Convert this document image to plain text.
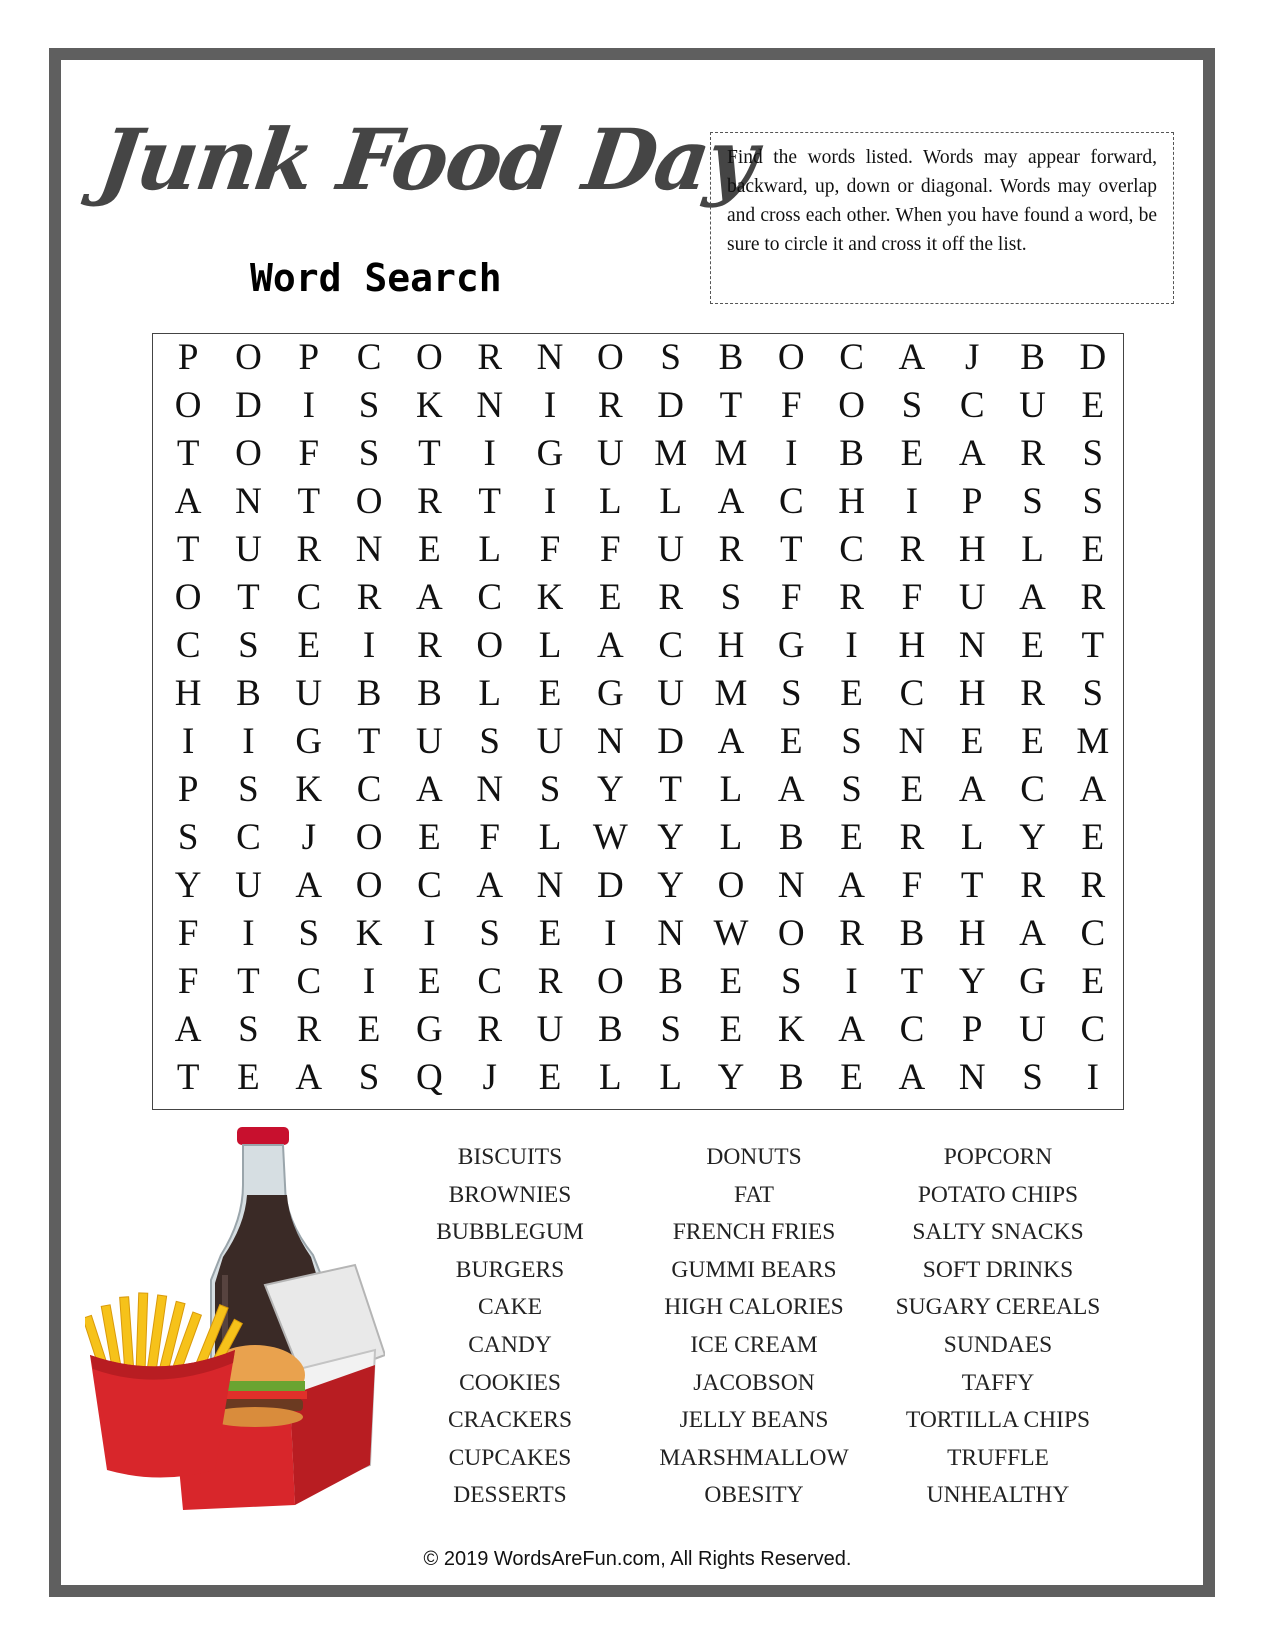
Junk Food Day
Word Search
Find the words listed. Words may appear forward, backward, up, down or diagonal. Words may overlap and cross each other. When you have found a word, be sure to circle it and cross it off the list.
P O P	C O R N O S	B O C A	J	B D
O D	I	S K N	I	R D T	F O S	C U E
T O F	S	T	I	G U M M	I	B E A R	S
A N T O R T	I	L	L A C H	I	P	S	S
T U R N E	L	F	F U R T C R H L	E
O T C R A C K E R	S	F	R	F U A R
C	S	E	I	R O L A C H G	I	H N E	T
H B U B B L	E G U M S	E C H R	S
I	I	G T U S U N D A E	S N E	E M
P	S K C A N S Y T	L A S	E A C A
S	C	J	O E	F	L W Y L B E R L Y E
Y U A O C A N D Y O N A F	T R R
F	I	S K	I	S	E	I	N W O R B H A C
F	T C	I	E C R O B E	S	I	T Y G E
A S	R E G R U B	S	E K A C	P U C
T	E A S Q	J	E	L	L Y B E A N S	I
BISCUITS
BROWNIES
BUBBLEGUM
BURGERS
CAKE
CANDY
COOKIES
CRACKERS
CUPCAKES
DESSERTS
DONUTS
FAT
FRENCH FRIES
GUMMI BEARS
HIGH CALORIES
ICE CREAM
JACOBSON
JELLY BEANS
MARSHMALLOW
OBESITY
POPCORN
POTATO CHIPS
SALTY SNACKS
SOFT DRINKS
SUGARY CEREALS
SUNDAES
TAFFY
TORTILLA CHIPS
TRUFFLE
UNHEALTHY
© 2019 WordsAreFun.com, All Rights Reserved.
